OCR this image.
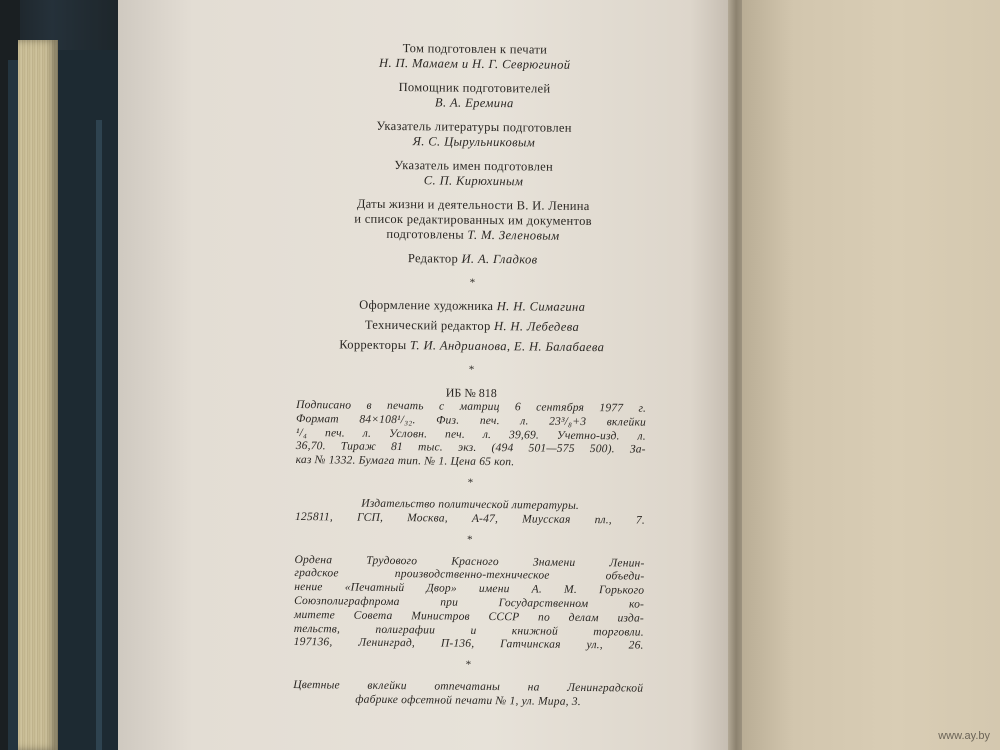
Том подготовлен к печати
Н. П. Мамаем и Н. Г. Севрюгиной
Помощник подготовителей
В. А. Еремина
Указатель литературы подготовлен
Я. С. Цырульниковым
Указатель имен подготовлен
С. П. Кирюхиным
Даты жизни и деятельности В. И. Ленина
и список редактированных им документов
подготовлены Т. М. Зеленовым
Редактор И. А. Гладков
*
Оформление художника Н. Н. Симагина
Технический редактор Н. Н. Лебедева
Корректоры Т. И. Андрианова, Е. Н. Балабаева
*
ИБ № 818
Подписано в печать с матриц 6 сентября 1977 г.
Формат 84×108¹/₃₂. Физ. печ. л. 23³/₈+3 вклейки
¹/₄ печ. л. Условн. печ. л. 39,69. Учетно-изд. л.
36,70. Тираж 81 тыс. экз. (494 501—575 500). За-
каз № 1332. Бумага тип. № 1. Цена 65 коп.
*
Издательство политической литературы.
125811, ГСП, Москва, А-47, Миусская пл., 7.
*
Ордена Трудового Красного Знамени Ленин-
градское производственно-техническое объеди-
нение «Печатный Двор» имени А. М. Горького
Союзполиграфпрома при Государственном ко-
митете Совета Министров СССР по делам изда-
тельств, полиграфии и книжной торговли.
197136, Ленинград, П-136, Гатчинская ул., 26.
*
Цветные вклейки отпечатаны на Ленинградской
фабрике офсетной печати № 1, ул. Мира, 3.
www.ay.by
